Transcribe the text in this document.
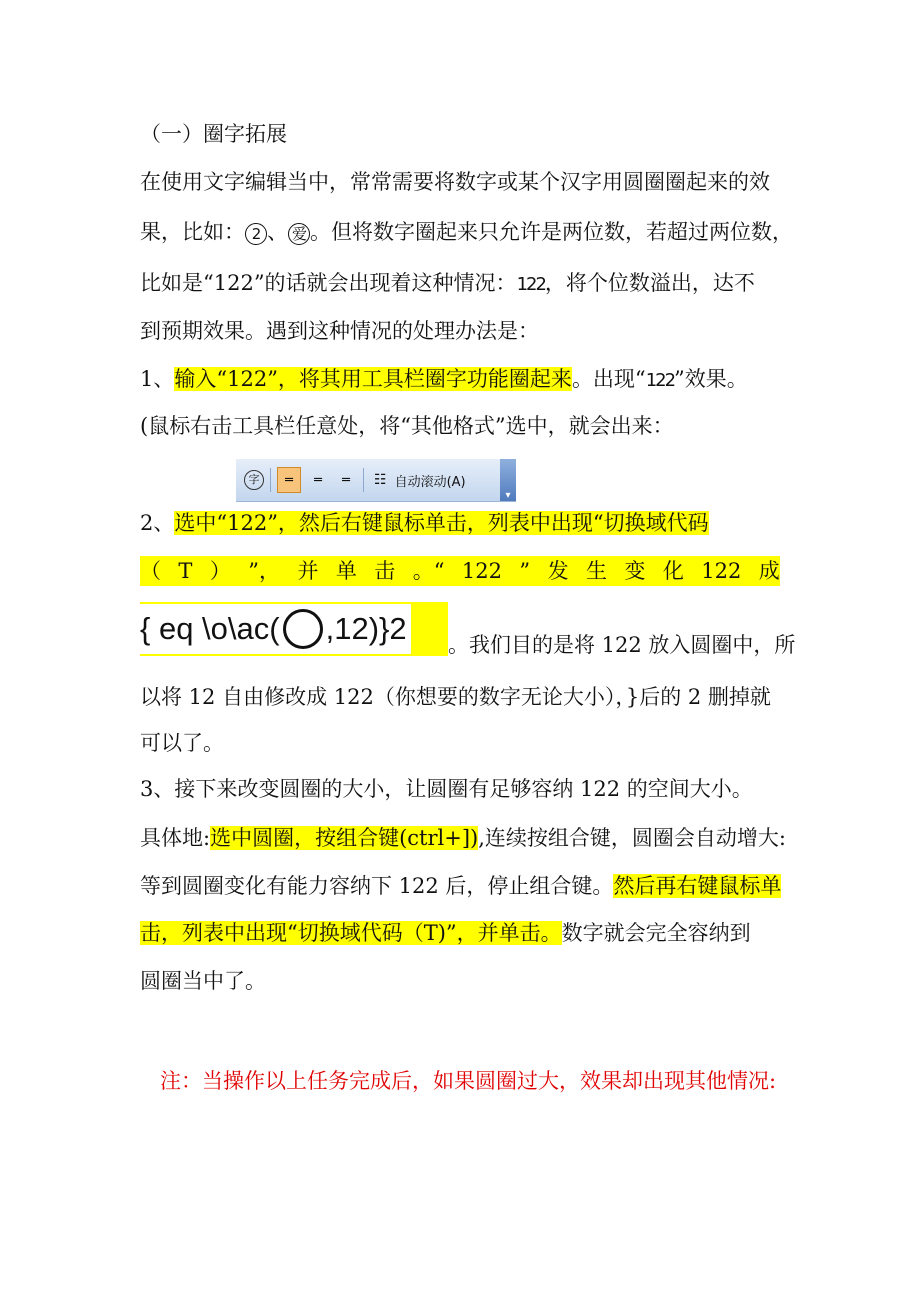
（一）圈字拓展
在使用文字编辑当中，常常需要将数字或某个汉字用圆圈圈起来的效
果，比如： 2 、 爱 。但将数字圈起来只允许是两位数，若超过两位数，
比如是“122”的话就会出现着这种情况：122，将个位数溢出，达不
到预期效果。遇到这种情况的处理办法是：
1、输入“122”，将其用工具栏圈字功能圈起来。出现“122”效果。
(鼠标右击工具栏任意处，将“其他格式”选中，就会出来：
字	═	═	═	☷ 自动滚动(A)
▾
2、选中“122”，然后右键鼠标单击，列表中出现“切换域代码
（ T ） ”， 并 单 击 。“ 122 ” 发 生 变 化 122 成
{ eq \o\ac( ,12)}2 。我们目的是将 122 放入圆圈中，所
以将 12 自由修改成 122（你想要的数字无论大小），}后的 2 删掉就
可以了。
3、接下来改变圆圈的大小，让圆圈有足够容纳 122 的空间大小。
具体地:选中圆圈，按组合键(ctrl+]),连续按组合键，圆圈会自动增大:
等到圆圈变化有能力容纳下 122 后，停止组合键。然后再右键鼠标单
击，列表中出现“切换域代码（T)”，并单击。数字就会完全容纳到
圆圈当中了。
注：当操作以上任务完成后，如果圆圈过大，效果却出现其他情况:
